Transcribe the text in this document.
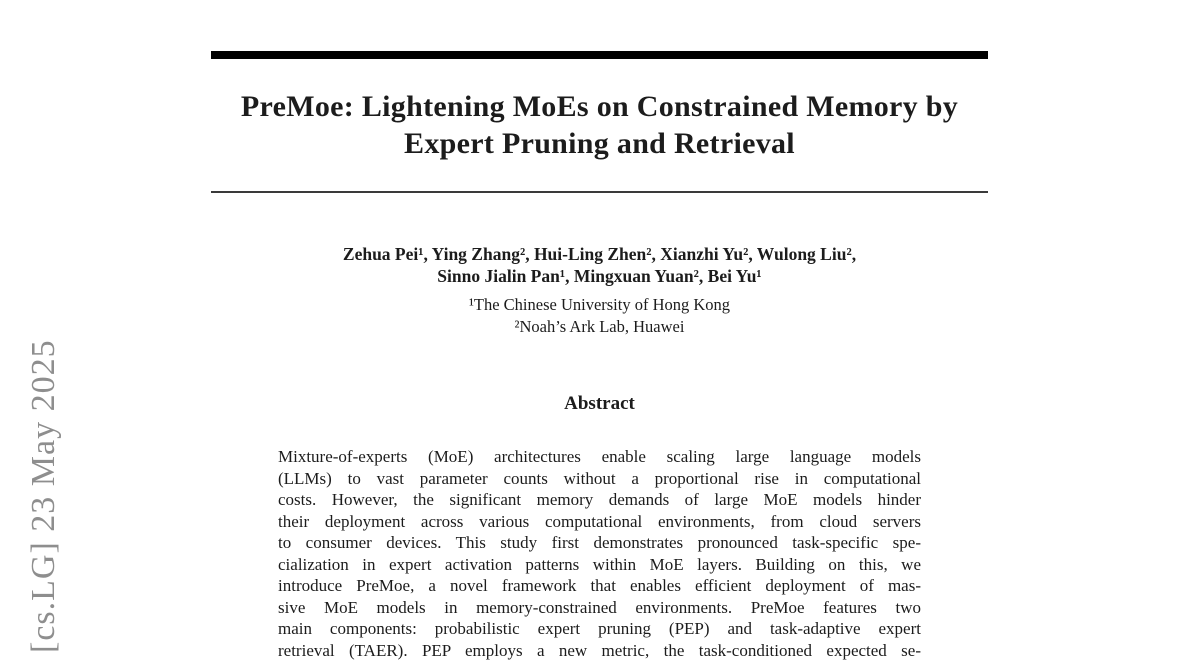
[cs.LG] 23 May 2025
PreMoe: Lightening MoEs on Constrained Memory by
Expert Pruning and Retrieval
Zehua Pei¹, Ying Zhang², Hui-Ling Zhen², Xianzhi Yu², Wulong Liu²,
Sinno Jialin Pan¹, Mingxuan Yuan², Bei Yu¹
¹The Chinese University of Hong Kong
²Noah’s Ark Lab, Huawei
Abstract
Mixture-of-experts (MoE) architectures enable scaling large language models
(LLMs) to vast parameter counts without a proportional rise in computational
costs. However, the significant memory demands of large MoE models hinder
their deployment across various computational environments, from cloud servers
to consumer devices. This study first demonstrates pronounced task-specific spe-
cialization in expert activation patterns within MoE layers. Building on this, we
introduce PreMoe, a novel framework that enables efficient deployment of mas-
sive MoE models in memory-constrained environments. PreMoe features two
main components: probabilistic expert pruning (PEP) and task-adaptive expert
retrieval (TAER). PEP employs a new metric, the task-conditioned expected se-
